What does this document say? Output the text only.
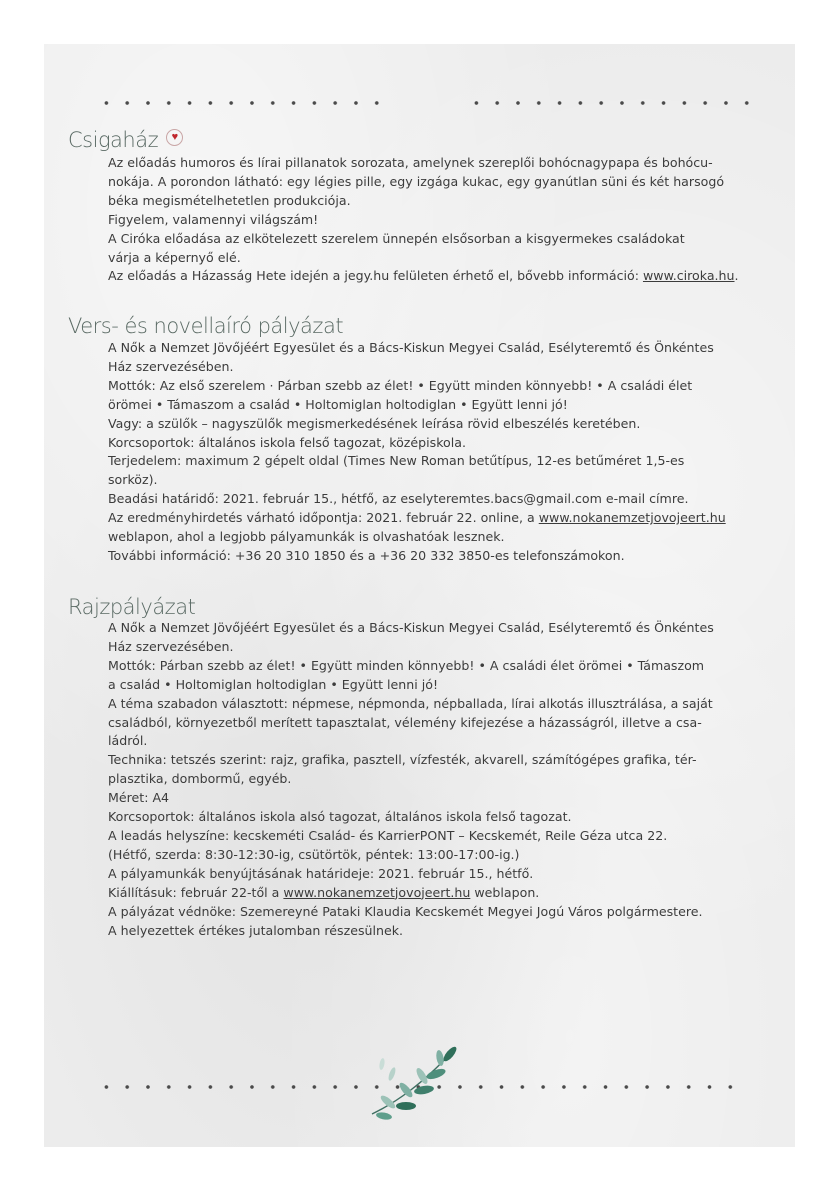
Csigaház	♥
Az előadás humoros és lírai pillanatok sorozata, amelynek szereplői bohócnagypapa és bohócu-
nokája. A porondon látható: egy légies pille, egy izgága kukac, egy gyanútlan süni és két harsogó
béka megismételhetetlen produkciója.
Figyelem, valamennyi világszám!
A Ciróka előadása az elkötelezett szerelem ünnepén elsősorban a kisgyermekes családokat
várja a képernyő elé.
Az előadás a Házasság Hete idején a jegy.hu felületen érhető el, bővebb információ: www.ciroka.hu.
Vers- és novellaíró pályázat
A Nők a Nemzet Jövőjéért Egyesület és a Bács-Kiskun Megyei Család, Esélyteremtő és Önkéntes
Ház szervezésében.
Mottók: Az első szerelem · Párban szebb az élet! • Együtt minden könnyebb! • A családi élet
örömei • Támaszom a család • Holtomiglan holtodiglan • Együtt lenni jó!
Vagy: a szülők – nagyszülők megismerkedésének leírása rövid elbeszélés keretében.
Korcsoportok: általános iskola felső tagozat, középiskola.
Terjedelem: maximum 2 gépelt oldal (Times New Roman betűtípus, 12-es betűméret 1,5-es
sorköz).
Beadási határidő: 2021. február 15., hétfő, az eselyteremtes.bacs@gmail.com e-mail címre.
Az eredményhirdetés várható időpontja: 2021. február 22. online, a www.nokanemzetjovojeert.hu
weblapon, ahol a legjobb pályamunkák is olvashatóak lesznek.
További információ: +36 20 310 1850 és a +36 20 332 3850-es telefonszámokon.
Rajzpályázat
A Nők a Nemzet Jövőjéért Egyesület és a Bács-Kiskun Megyei Család, Esélyteremtő és Önkéntes
Ház szervezésében.
Mottók: Párban szebb az élet! • Együtt minden könnyebb! • A családi élet örömei • Támaszom
a család • Holtomiglan holtodiglan • Együtt lenni jó!
A téma szabadon választott: népmese, népmonda, népballada, lírai alkotás illusztrálása, a saját
családból, környezetből merített tapasztalat, vélemény kifejezése a házasságról, illetve a csa-
ládról.
Technika: tetszés szerint: rajz, grafika, pasztell, vízfesték, akvarell, számítógépes grafika, tér-
plasztika, dombormű, egyéb.
Méret: A4
Korcsoportok: általános iskola alsó tagozat, általános iskola felső tagozat.
A leadás helyszíne: kecskeméti Család- és KarrierPONT – Kecskemét, Reile Géza utca 22.
(Hétfő, szerda: 8:30-12:30-ig, csütörtök, péntek: 13:00-17:00-ig.)
A pályamunkák benyújtásának határideje: 2021. február 15., hétfő.
Kiállításuk: február 22-től a www.nokanemzetjovojeert.hu weblapon.
A pályázat védnöke: Szemereyné Pataki Klaudia Kecskemét Megyei Jogú Város polgármestere.
A helyezettek értékes jutalomban részesülnek.
